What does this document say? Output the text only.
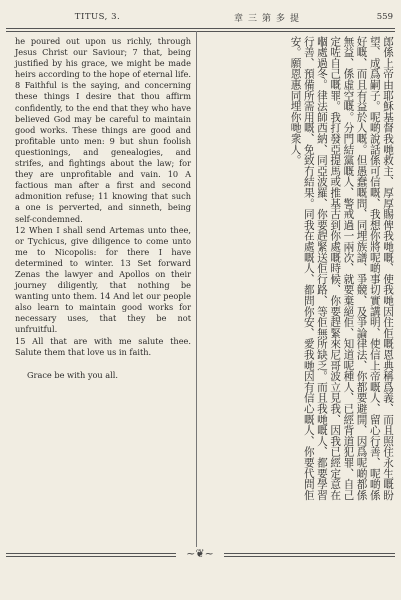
TITUS, 3.	章三第多提	559

he poured out upon us richly, through Jesus Christ our Saviour; 7 that, being justified by his grace, we might be made heirs according to the hope of eternal life. 8 Faithful is the saying, and concerning these things I desire that thou affirm confidently, to the end that they who have believed God may be careful to maintain good works. These things are good and profitable unto men: 9 but shun foolish questionings, and genealogies, and strifes, and fightings about the law; for they are unprofitable and vain. 10 A factious man after a first and second admonition refuse; 11 knowing that such a one is perverted, and sinneth, being self-condemned.

12 When I shall send Artemas unto thee, or Tychicus, give diligence to come unto me to Nicopolis: for there I have determined to winter. 13 Set forward Zenas the lawyer and Apollos on their journey diligently, that nothing be wanting unto them. 14 And let our people also learn to maintain good works for necessary uses, that they be not unfruitful.

15 All that are with me salute thee. Salute them that love us in faith.

Grace be with you all.	郎係上帝由耶穌基督我哋救主、厚厚賜俾我哋嘅、使我哋因住佢嘅恩典稱爲義、而且照住永生嘅盼望、成爲嗣子。呢啲說話係可信嘅、我想你將呢啲事切實講明、使信上帝嘅人、留心行善、呢啲係好嘅、而且有益於人嘅。但愚蠢嘅問、同埋族譜、爭競、及爭論律法、你都要避開、因爲呢啲都係無益、係虛空嘅。分門結黨嘅人、警戒過一兩次、就要棄絕佢、知道呢種人、已經背道犯罪、自己定咗自己嘅罪。我打發亞提馬或推基古到你處嘅時候、你要趕緊來尼哥波立見我、因我已經定意在嗰處過冬。律法師西納、同亞波羅、你要趕緊送佢行路、等佢無所缺乏。而且我哋嘅人、都要學習行善、預備所需用嘅、免致冇結果。同我在處嘅人、都問你安、愛我哋因有信心嘅人、你要代問佢安。願恩惠同埋你哋衆人。
~❦~
